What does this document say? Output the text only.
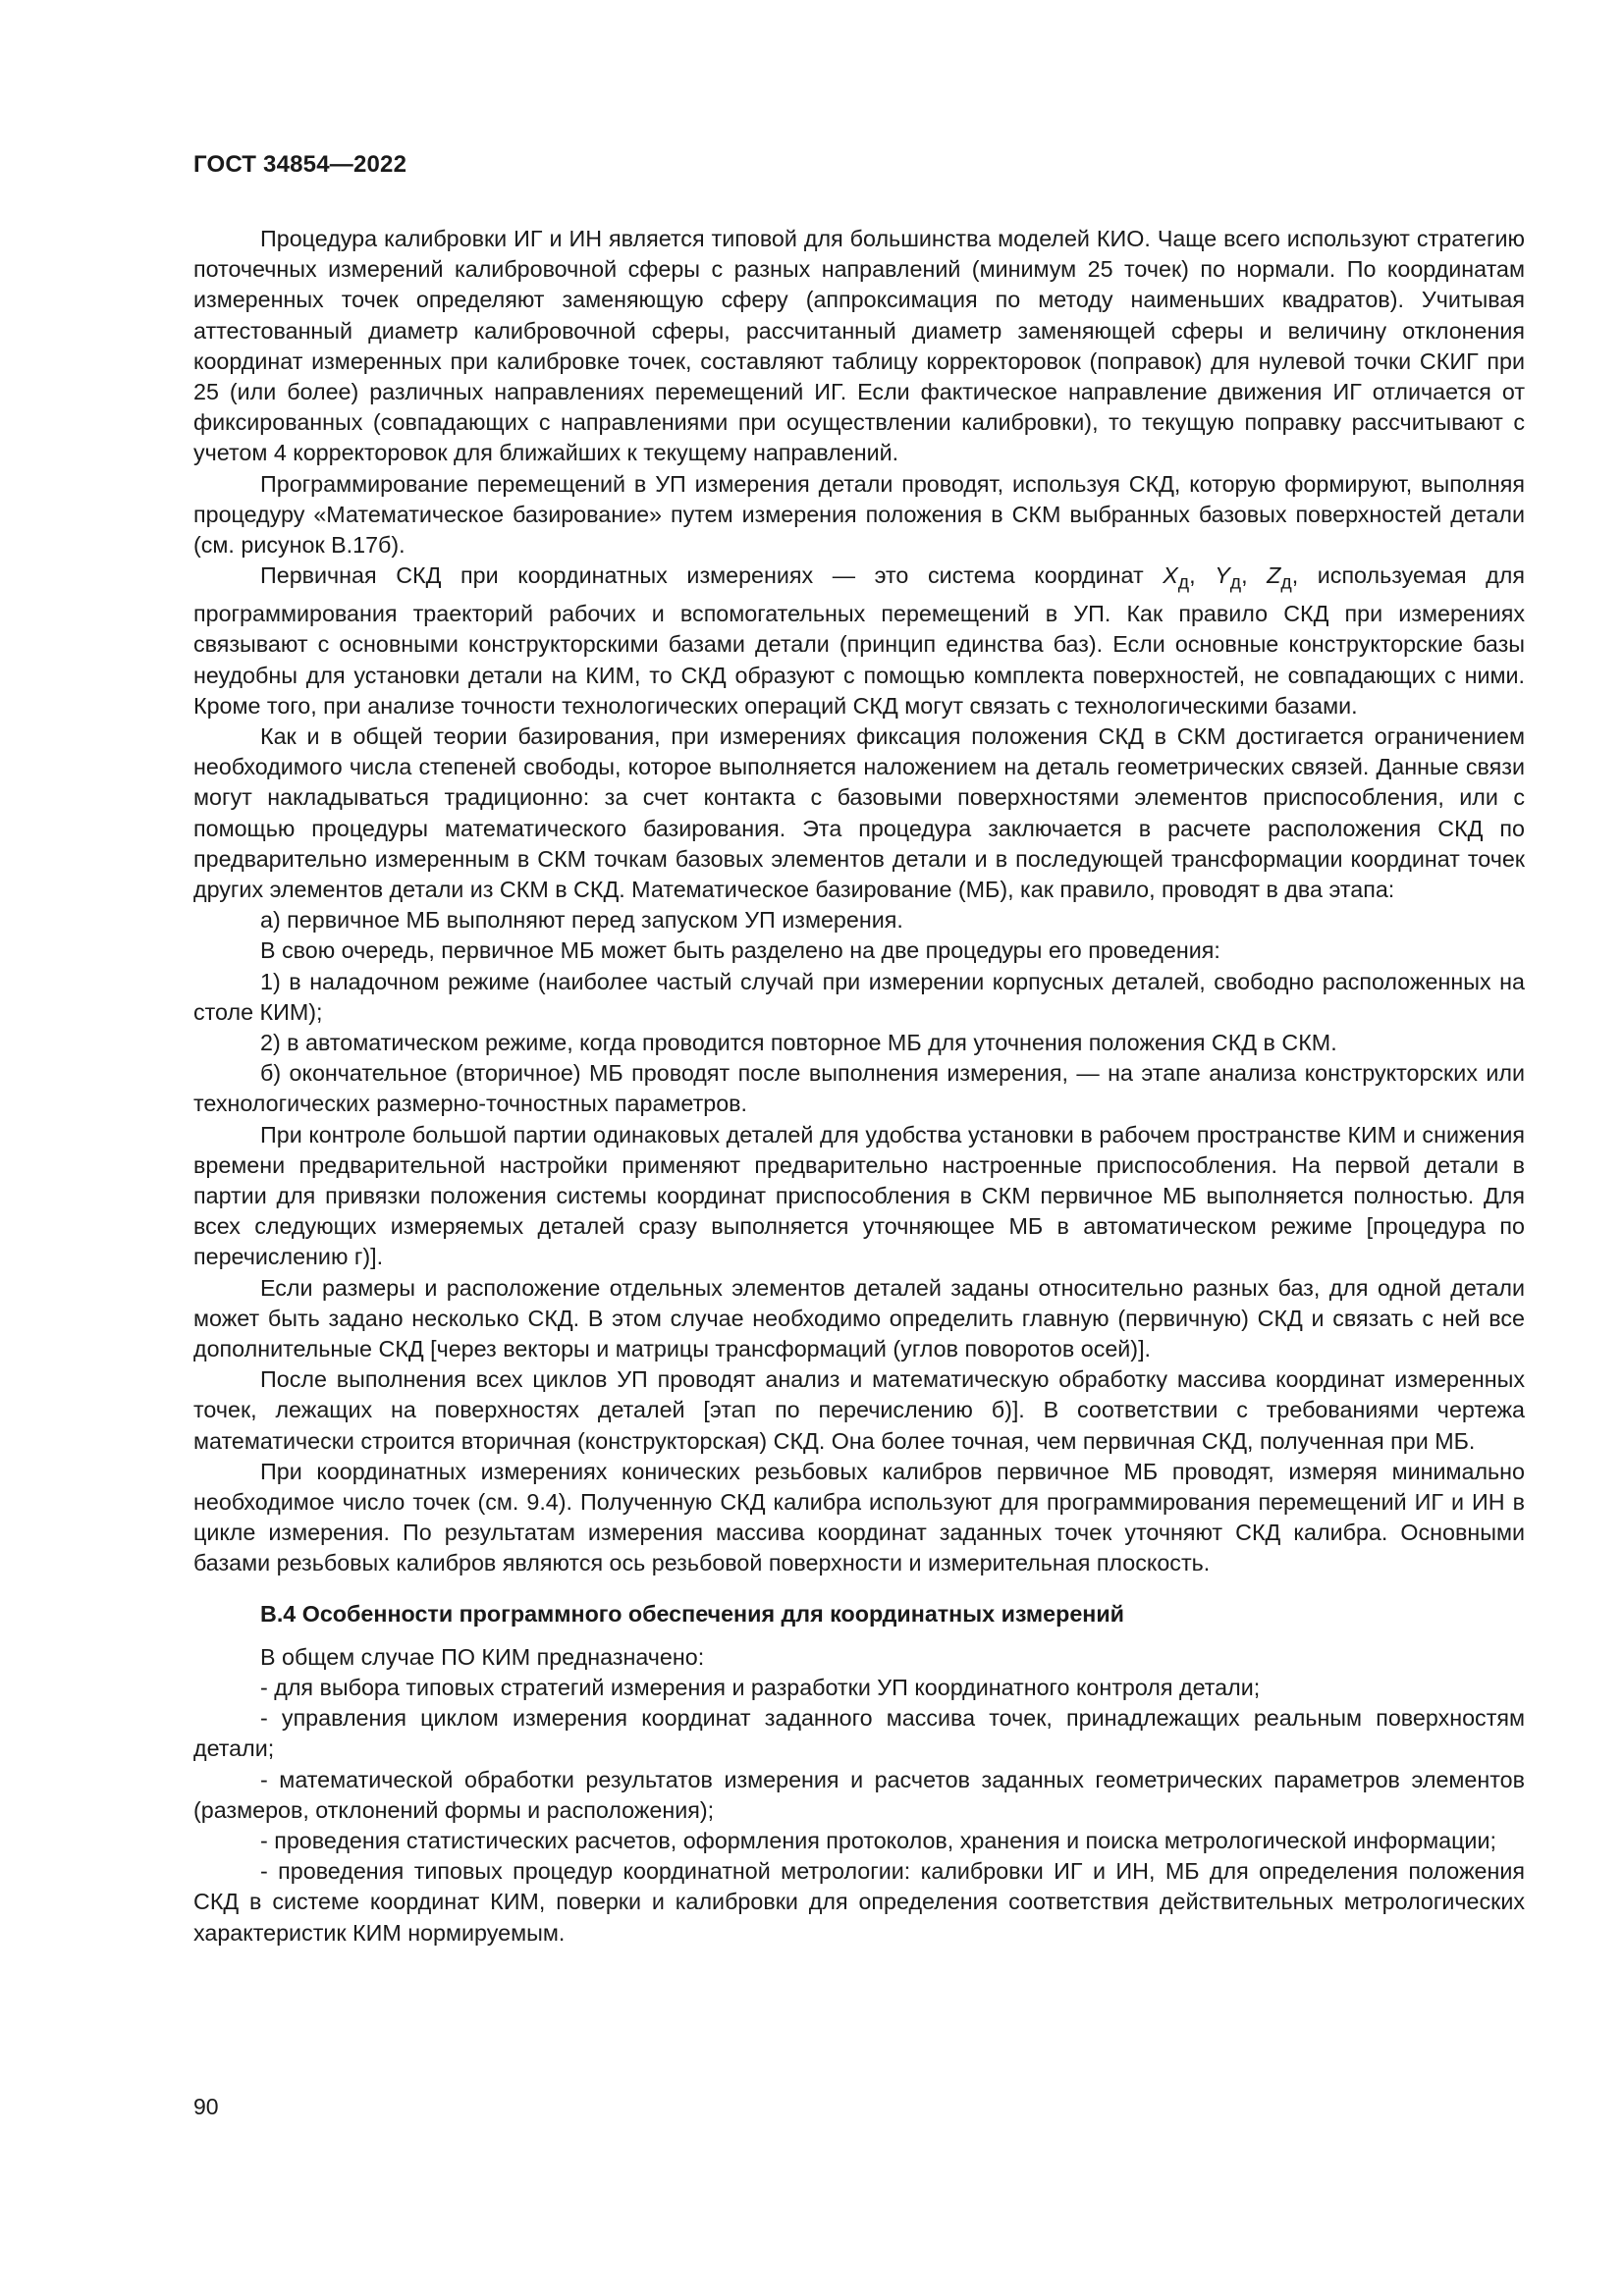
ГОСТ 34854—2022

Процедура калибровки ИГ и ИН является типовой для большинства моделей КИО. Чаще всего используют стратегию поточечных измерений калибровочной сферы с разных направлений (минимум 25 точек) по нормали. По координатам измеренных точек определяют заменяющую сферу (аппроксимация по методу наименьших квадратов). Учитывая аттестованный диаметр калибровочной сферы, рассчитанный диаметр заменяющей сферы и величину отклонения координат измеренных при калибровке точек, составляют таблицу корректоровок (поправок) для нулевой точки СКИГ при 25 (или более) различных направлениях перемещений ИГ. Если фактическое направление движения ИГ отличается от фиксированных (совпадающих с направлениями при осуществлении калибровки), то текущую поправку рассчитывают с учетом 4 корректоровок для ближайших к текущему направлений.

Программирование перемещений в УП измерения детали проводят, используя СКД, которую формируют, выполняя процедуру «Математическое базирование» путем измерения положения в СКМ выбранных базовых поверхностей детали (см. рисунок В.17б).

Первичная СКД при координатных измерениях — это система координат $X_д$, $Y_д$, $Z_д$, используемая для программирования траекторий рабочих и вспомогательных перемещений в УП. Как правило СКД при измерениях связывают с основными конструкторскими базами детали (принцип единства баз). Если основные конструкторские базы неудобны для установки детали на КИМ, то СКД образуют с помощью комплекта поверхностей, не совпадающих с ними. Кроме того, при анализе точности технологических операций СКД могут связать с технологическими базами.

Как и в общей теории базирования, при измерениях фиксация положения СКД в СКМ достигается ограничением необходимого числа степеней свободы, которое выполняется наложением на деталь геометрических связей. Данные связи могут накладываться традиционно: за счет контакта с базовыми поверхностями элементов приспособления, или с помощью процедуры математического базирования. Эта процедура заключается в расчете расположения СКД по предварительно измеренным в СКМ точкам базовых элементов детали и в последующей трансформации координат точек других элементов детали из СКМ в СКД. Математическое базирование (МБ), как правило, проводят в два этапа:

а) первичное МБ выполняют перед запуском УП измерения.

В свою очередь, первичное МБ может быть разделено на две процедуры его проведения:

1) в наладочном режиме (наиболее частый случай при измерении корпусных деталей, свободно расположенных на столе КИМ);

2) в автоматическом режиме, когда проводится повторное МБ для уточнения положения СКД в СКМ.

б) окончательное (вторичное) МБ проводят после выполнения измерения, — на этапе анализа конструкторских или технологических размерно-точностных параметров.

При контроле большой партии одинаковых деталей для удобства установки в рабочем пространстве КИМ и снижения времени предварительной настройки применяют предварительно настроенные приспособления. На первой детали в партии для привязки положения системы координат приспособления в СКМ первичное МБ выполняется полностью. Для всех следующих измеряемых деталей сразу выполняется уточняющее МБ в автоматическом режиме [процедура по перечислению г)].

Если размеры и расположение отдельных элементов деталей заданы относительно разных баз, для одной детали может быть задано несколько СКД. В этом случае необходимо определить главную (первичную) СКД и связать с ней все дополнительные СКД [через векторы и матрицы трансформаций (углов поворотов осей)].

После выполнения всех циклов УП проводят анализ и математическую обработку массива координат измеренных точек, лежащих на поверхностях деталей [этап по перечислению б)]. В соответствии с требованиями чертежа математически строится вторичная (конструкторская) СКД. Она более точная, чем первичная СКД, полученная при МБ.

При координатных измерениях конических резьбовых калибров первичное МБ проводят, измеряя минимально необходимое число точек (см. 9.4). Полученную СКД калибра используют для программирования перемещений ИГ и ИН в цикле измерения. По результатам измерения массива координат заданных точек уточняют СКД калибра. Основными базами резьбовых калибров являются ось резьбовой поверхности и измерительная плоскость.

В.4 Особенности программного обеспечения для координатных измерений

В общем случае ПО КИМ предназначено:

- для выбора типовых стратегий измерения и разработки УП координатного контроля детали;

- управления циклом измерения координат заданного массива точек, принадлежащих реальным поверхностям детали;

- математической обработки результатов измерения и расчетов заданных геометрических параметров элементов (размеров, отклонений формы и расположения);

- проведения статистических расчетов, оформления протоколов, хранения и поиска метрологической информации;

- проведения типовых процедур координатной метрологии: калибровки ИГ и ИН, МБ для определения положения СКД в системе координат КИМ, поверки и калибровки для определения соответствия действительных метрологических характеристик КИМ нормируемым.

90
